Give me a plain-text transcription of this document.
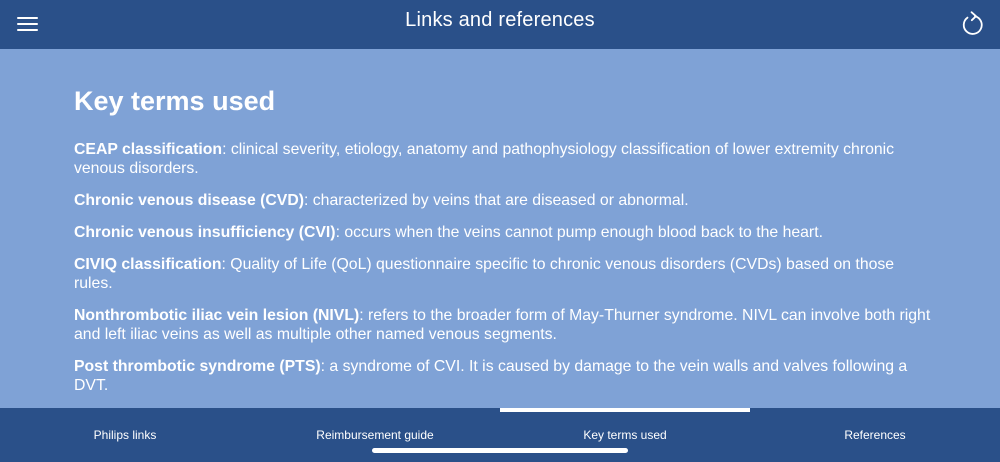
Links and references
Key terms used

CEAP classification: clinical severity, etiology, anatomy and pathophysiology classification of lower extremity chronic venous disorders.

Chronic venous disease (CVD): characterized by veins that are diseased or abnormal.

Chronic venous insufficiency (CVI): occurs when the veins cannot pump enough blood back to the heart.

CIVIQ classification: Quality of Life (QoL) questionnaire specific to chronic venous disorders (CVDs) based on those rules.

Nonthrombotic iliac vein lesion (NIVL): refers to the broader form of May-Thurner syndrome. NIVL can involve both right and left iliac veins as well as multiple other named venous segments.

Post thrombotic syndrome (PTS): a syndrome of CVI. It is caused by damage to the vein walls and valves following a DVT.

Philips links	Reimbursement guide	Key terms used	References
